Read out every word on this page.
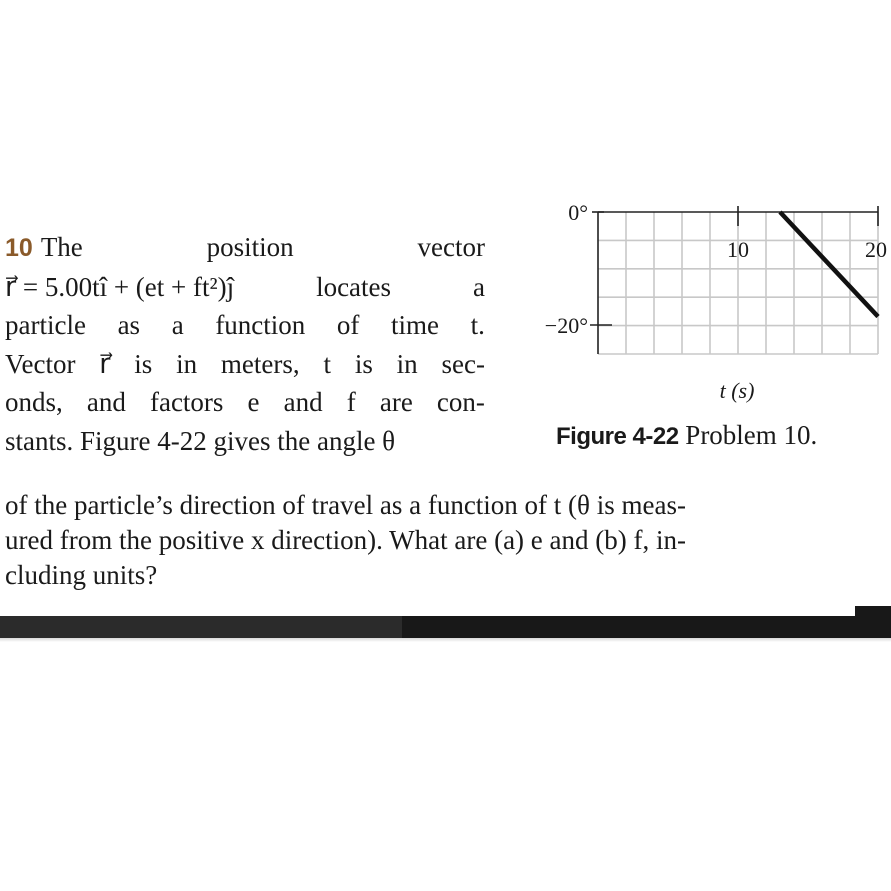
10 The	position	vector
r⃗ = 5.00tî + (et + ft²)ĵ	locates	a
particle as a function of time t.
Vector r⃗ is in meters, t is in sec-
onds, and factors e and f are con-
stants. Figure 4-22 gives the angle θ
10	20
0°
−20°
t (s)
Figure 4-22 Problem 10.
of the particle’s direction of travel as a function of t (θ is meas-
ured from the positive x direction). What are (a) e and (b) f, in-
cluding units?
